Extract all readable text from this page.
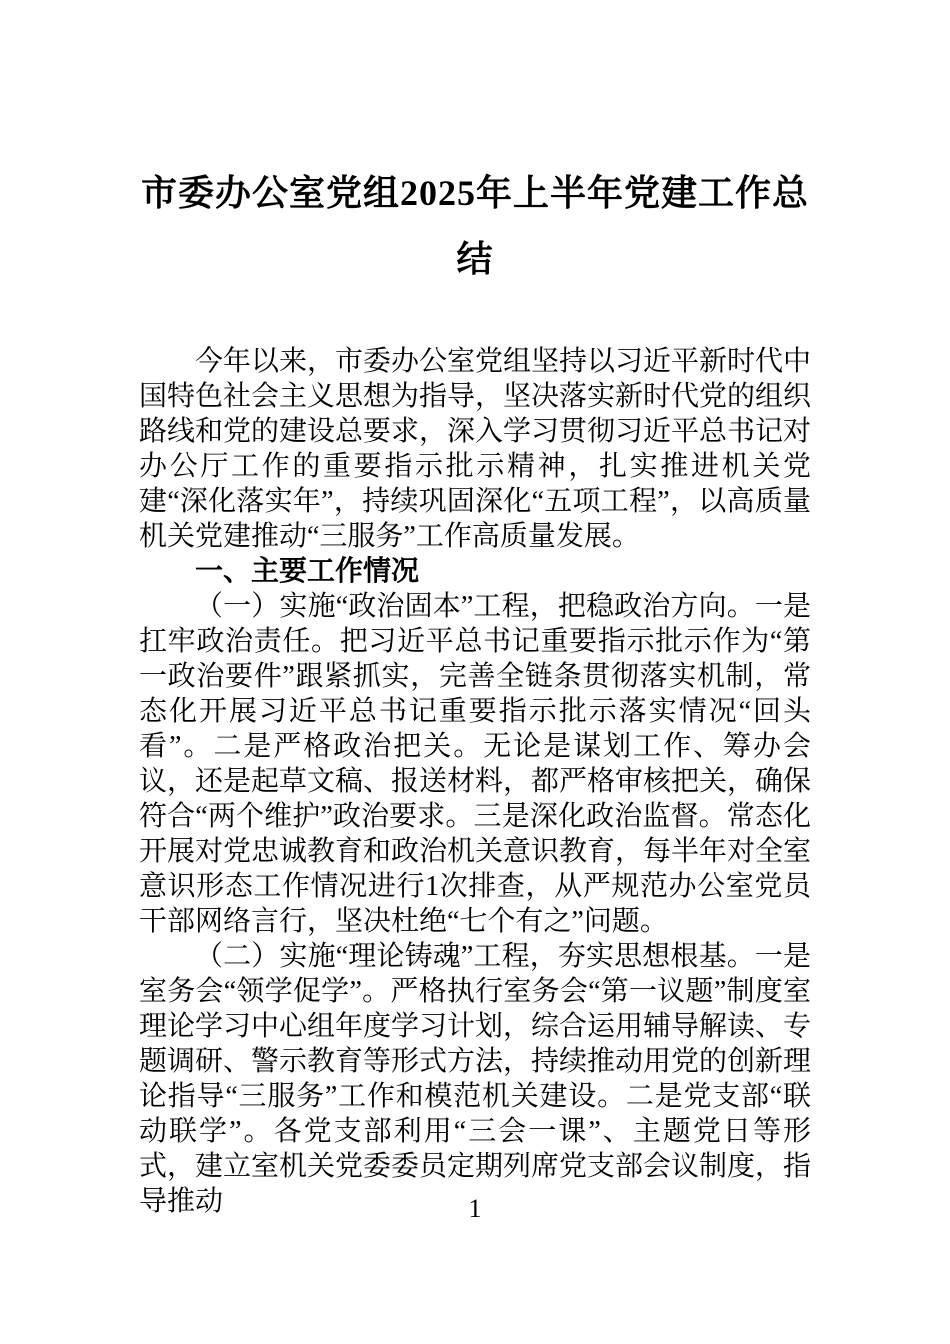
市委办公室党组2025年上半年党建工作总结

今年以来，市委办公室党组坚持以习近平新时代中国特色社会主义思想为指导，坚决落实新时代党的组织路线和党的建设总要求，深入学习贯彻习近平总书记对办公厅工作的重要指示批示精神，扎实推进机关党建“深化落实年”，持续巩固深化“五项工程”，以高质量机关党建推动“三服务”工作高质量发展。

一、主要工作情况

（一）实施“政治固本”工程，把稳政治方向。一是扛牢政治责任。把习近平总书记重要指示批示作为“第一政治要件”跟紧抓实，完善全链条贯彻落实机制，常态化开展习近平总书记重要指示批示落实情况“回头看”。二是严格政治把关。无论是谋划工作、筹办会议，还是起草文稿、报送材料，都严格审核把关，确保符合“两个维护”政治要求。三是深化政治监督。常态化开展对党忠诚教育和政治机关意识教育，每半年对全室意识形态工作情况进行1次排查，从严规范办公室党员干部网络言行，坚决杜绝“七个有之”问题。

（二）实施“理论铸魂”工程，夯实思想根基。一是室务会“领学促学”。严格执行室务会“第一议题”制度室理论学习中心组年度学习计划，综合运用辅导解读、专题调研、警示教育等形式方法，持续推动用党的创新理论指导“三服务”工作和模范机关建设。二是党支部“联动联学”。各党支部利用“三会一课”、主题党日等形式，建立室机关党委委员定期列席党支部会议制度，指导推动	1
